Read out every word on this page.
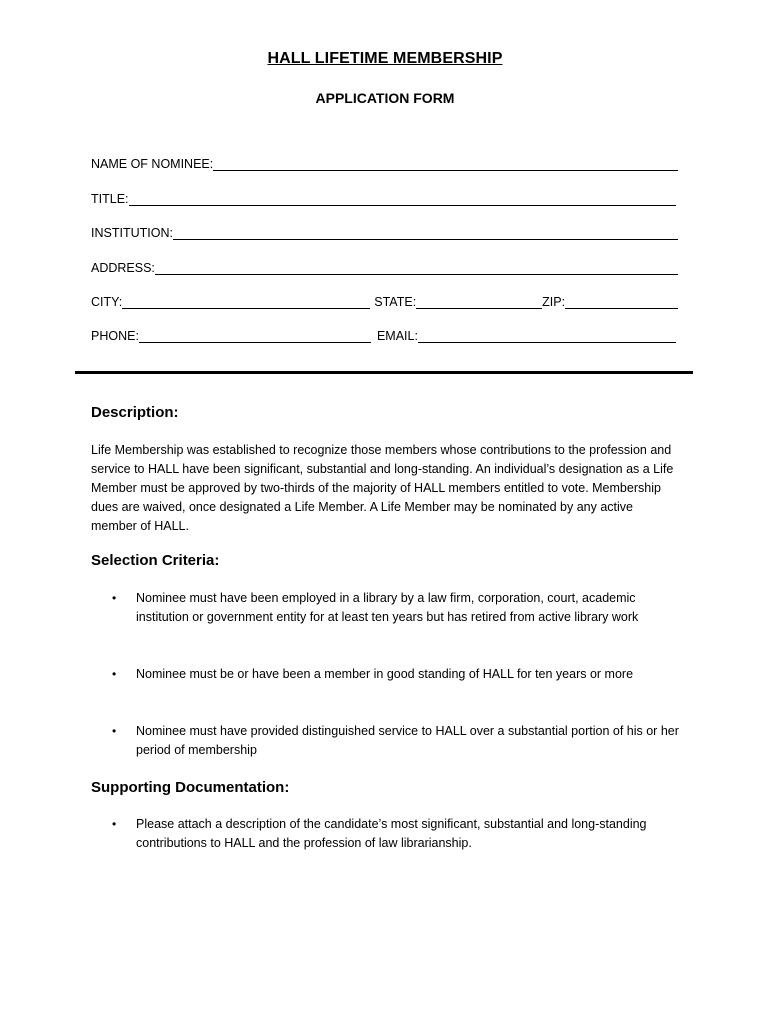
HALL LIFETIME MEMBERSHIP
APPLICATION FORM
NAME OF NOMINEE:
TITLE:
INSTITUTION:
ADDRESS:
CITY:	STATE:	ZIP:
PHONE:	EMAIL:
Description:
Life Membership was established to recognize those members whose contributions to the profession and service to HALL have been significant, substantial and long-standing. An individual’s designation as a Life Member must be approved by two-thirds of the majority of HALL members entitled to vote. Membership dues are waived, once designated a Life Member. A Life Member may be nominated by any active member of HALL.
Selection Criteria:
• Nominee must have been employed in a library by a law firm, corporation, court, academic institution or government entity for at least ten years but has retired from active library work
• Nominee must be or have been a member in good standing of HALL for ten years or more
• Nominee must have provided distinguished service to HALL over a substantial portion of his or her period of membership
Supporting Documentation:
• Please attach a description of the candidate’s most significant, substantial and long-standing contributions to HALL and the profession of law librarianship.
